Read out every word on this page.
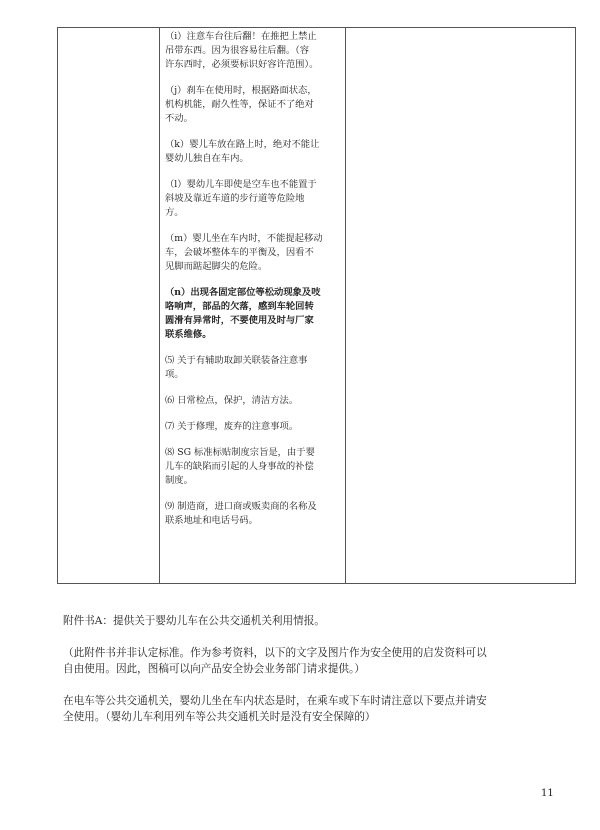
（i）注意车台往后翻！在推把上禁止
吊带东西。因为很容易往后翻。（容
许东西时，必须要标识好容许范围）。

（j）刹车在使用时，根据路面状态，
机构机能，耐久性等，保证不了绝对
不动。

（k）婴儿车放在路上时，绝对不能让
婴幼儿独自在车内。

（l）婴幼儿车即使是空车也不能置于
斜坡及靠近车道的步行道等危险地
方。

（m）婴儿坐在车内时，不能提起移动
车，会破坏整体车的平衡及，因看不
见脚而踮起脚尖的危险。

（n）出现各固定部位等松动现象及吱
咯响声，部品的欠落，感到车轮回转
圆滑有异常时，不要使用及时与厂家
联系维修。

⑸ 关于有辅助取卸关联装备注意事
项。

⑹ 日常检点，保护，清洁方法。

⑺ 关于修理，废弃的注意事项。

⑻ SG 标准标贴制度宗旨是，由于婴
儿车的缺陷而引起的人身事故的补偿
制度。

⑼ 制造商，进口商或贩卖商的名称及
联系地址和电话号码。

附件书A：提供关于婴幼儿车在公共交通机关利用情报。

（此附件书并非认定标准。作为参考资料，以下的文字及图片作为安全使用的启发资料可以
自由使用。因此，图稿可以向产品安全协会业务部门请求提供。）

在电车等公共交通机关，婴幼儿坐在车内状态是时，在乘车或下车时请注意以下要点并请安
全使用。（婴幼儿车利用列车等公共交通机关时是没有安全保障的）

11
